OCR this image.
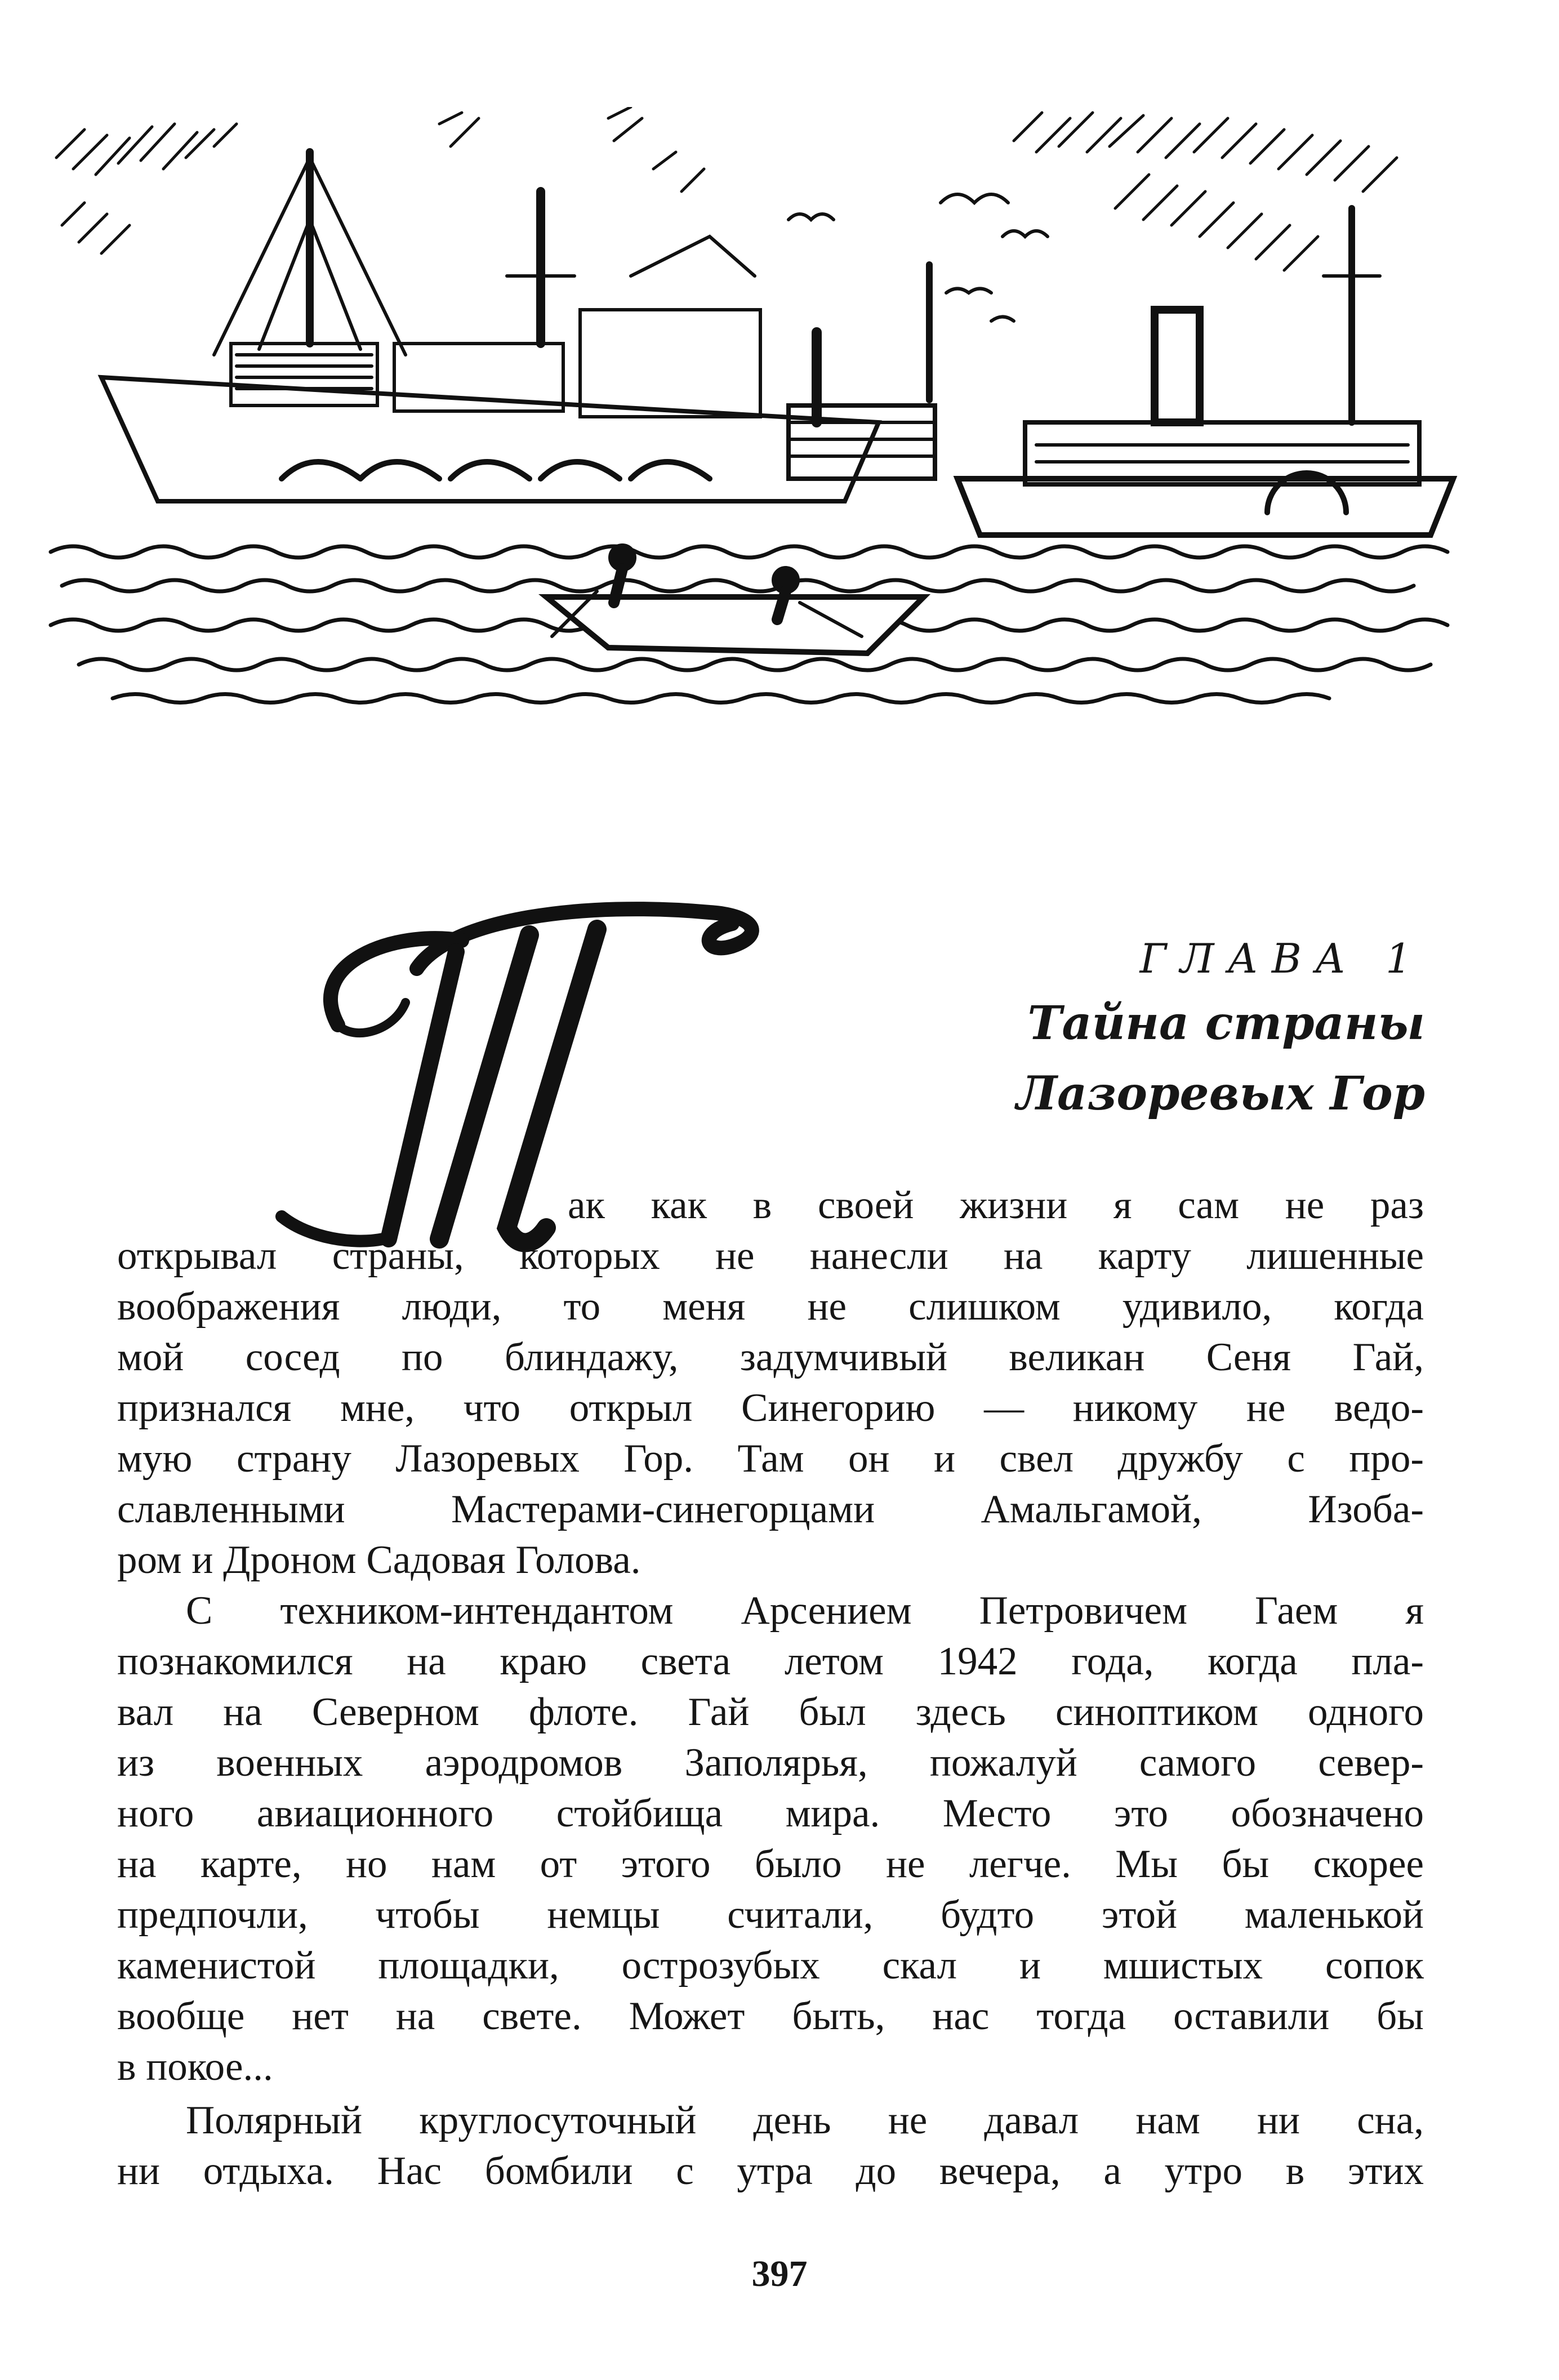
ГЛАВА 1
Тайна страны
Лазоревых Гор
ак как в своей жизни я сам не раз
открывал страны, которых не нанесли на карту лишенные
воображения люди, то меня не слишком удивило, когда
мой сосед по блиндажу, задумчивый великан Сеня Гай,
признался мне, что открыл Синегорию — никому не ведо-
мую страну Лазоревых Гор. Там он и свел дружбу с про-
славленными Мастерами-синегорцами Амальгамой, Изоба-
ром и Дроном Садовая Голова.
С техником-интендантом Арсением Петровичем Гаем я
познакомился на краю света летом 1942 года, когда пла-
вал на Северном флоте. Гай был здесь синоптиком одного
из военных аэродромов Заполярья, пожалуй самого север-
ного авиационного стойбища мира. Место это обозначено
на карте, но нам от этого было не легче. Мы бы скорее
предпочли, чтобы немцы считали, будто этой маленькой
каменистой площадки, острозубых скал и мшистых сопок
вообще нет на свете. Может быть, нас тогда оставили бы
в покое...
Полярный круглосуточный день не давал нам ни сна,
ни отдыха. Нас бомбили с утра до вечера, а утро в этих
397
